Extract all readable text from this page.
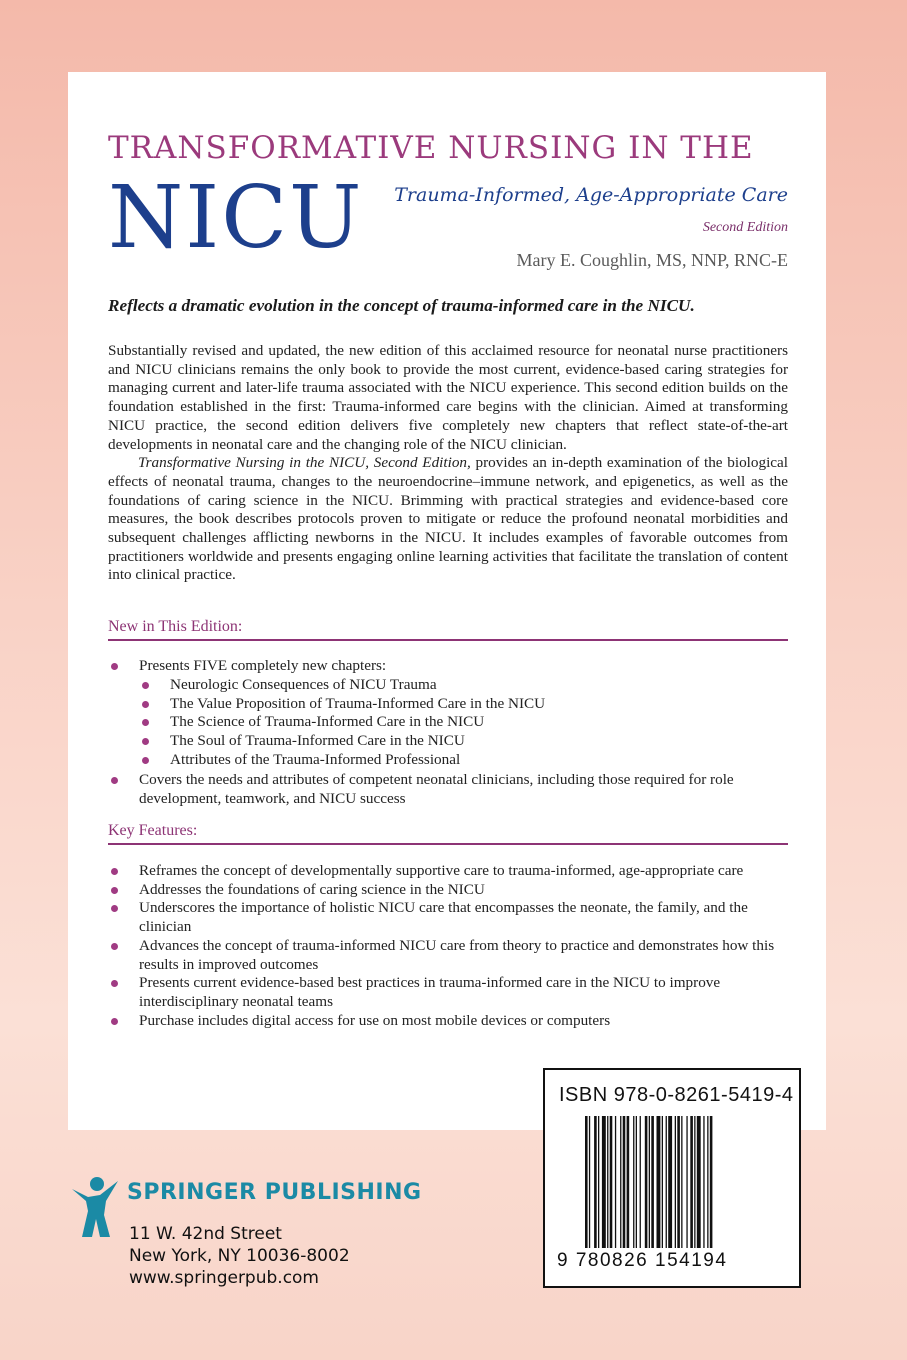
TRANSFORMATIVE NURSING IN THE
NICU Trauma-Informed, Age-Appropriate Care
Second Edition
Mary E. Coughlin, MS, NNP, RNC-E
Reflects a dramatic evolution in the concept of trauma-informed care in the NICU.

Substantially revised and updated, the new edition of this acclaimed resource for neonatal nurse practitioners and NICU clinicians remains the only book to provide the most current, evidence-based caring strategies for managing current and later-life trauma associated with the NICU experience. This second edition builds on the foundation established in the first: Trauma-informed care begins with the clinician. Aimed at transforming NICU practice, the second edition delivers five completely new chapters that reflect state-of-the-art developments in neonatal care and the changing role of the NICU clinician.

Transformative Nursing in the NICU, Second Edition, provides an in-depth examination of the biological effects of neonatal trauma, changes to the neuroendocrine–immune network, and epigenetics, as well as the foundations of caring science in the NICU. Brimming with practical strategies and evidence-based core measures, the book describes protocols proven to mitigate or reduce the profound neonatal morbidities and subsequent challenges afflicting newborns in the NICU. It includes examples of favorable outcomes from practitioners worldwide and presents engaging online learning activities that facilitate the translation of content into clinical practice.

New in This Edition:
Presents FIVE completely new chapters:
Neurologic Consequences of NICU Trauma
The Value Proposition of Trauma-Informed Care in the NICU
The Science of Trauma-Informed Care in the NICU
The Soul of Trauma-Informed Care in the NICU
Attributes of the Trauma-Informed Professional
Covers the needs and attributes of competent neonatal clinicians, including those required for role development, teamwork, and NICU success
Key Features:
Reframes the concept of developmentally supportive care to trauma-informed, age-appropriate care
Addresses the foundations of caring science in the NICU
Underscores the importance of holistic NICU care that encompasses the neonate, the family, and the clinician
Advances the concept of trauma-informed NICU care from theory to practice and demonstrates how this results in improved outcomes
Presents current evidence-based best practices in trauma-informed care in the NICU to improve interdisciplinary neonatal teams
Purchase includes digital access for use on most mobile devices or computers
ISBN 978-0-8261-5419-4
9 780826 154194
SPRINGER PUBLISHING
11 W. 42nd Street
New York, NY 10036-8002
www.springerpub.com
